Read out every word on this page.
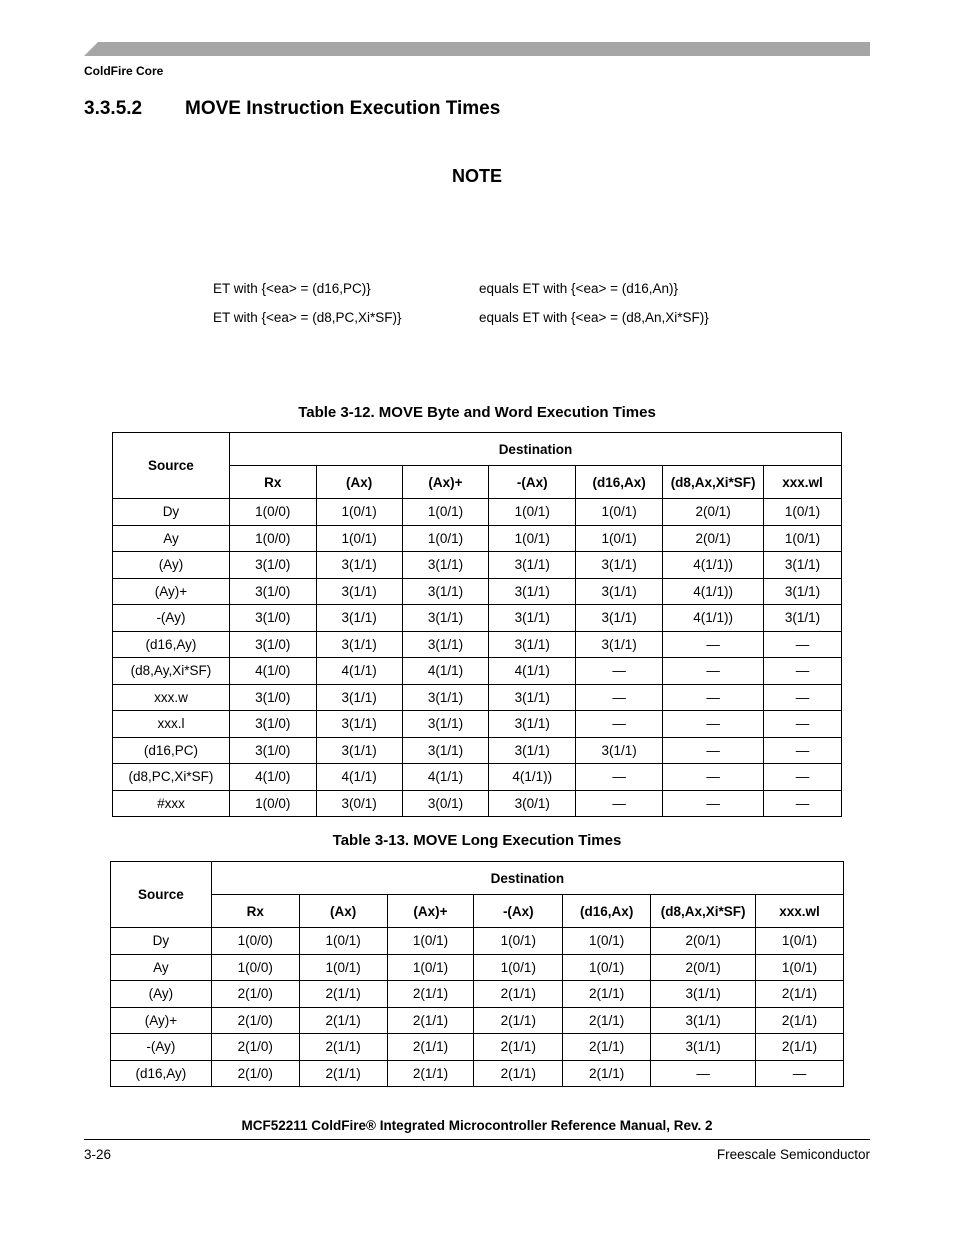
ColdFire Core
3.3.5.2 MOVE Instruction Execution Times
NOTE
ET with {<ea> = (d16,PC)}	equals ET with {<ea> = (d16,An)}
ET with {<ea> = (d8,PC,Xi*SF)}	equals ET with {<ea> = (d8,An,Xi*SF)}
Table 3-12. MOVE Byte and Word Execution Times
Source	Destination						
	Rx	(Ax)	(Ax)+	-(Ax)	(d16,Ax)	(d8,Ax,Xi*SF)	xxx.wl
Dy	1(0/0)	1(0/1)	1(0/1)	1(0/1)	1(0/1)	2(0/1)	1(0/1)
Ay	1(0/0)	1(0/1)	1(0/1)	1(0/1)	1(0/1)	2(0/1)	1(0/1)
(Ay)	3(1/0)	3(1/1)	3(1/1)	3(1/1)	3(1/1)	4(1/1))	3(1/1)
(Ay)+	3(1/0)	3(1/1)	3(1/1)	3(1/1)	3(1/1)	4(1/1))	3(1/1)
-(Ay)	3(1/0)	3(1/1)	3(1/1)	3(1/1)	3(1/1)	4(1/1))	3(1/1)
(d16,Ay)	3(1/0)	3(1/1)	3(1/1)	3(1/1)	3(1/1)	—	—
(d8,Ay,Xi*SF)	4(1/0)	4(1/1)	4(1/1)	4(1/1)	—	—	—
xxx.w	3(1/0)	3(1/1)	3(1/1)	3(1/1)	—	—	—
xxx.l	3(1/0)	3(1/1)	3(1/1)	3(1/1)	—	—	—
(d16,PC)	3(1/0)	3(1/1)	3(1/1)	3(1/1)	3(1/1)	—	—
(d8,PC,Xi*SF)	4(1/0)	4(1/1)	4(1/1)	4(1/1))	—	—	—
#xxx	1(0/0)	3(0/1)	3(0/1)	3(0/1)	—	—	—
Table 3-13. MOVE Long Execution Times
Source	Destination						
	Rx	(Ax)	(Ax)+	-(Ax)	(d16,Ax)	(d8,Ax,Xi*SF)	xxx.wl
Dy	1(0/0)	1(0/1)	1(0/1)	1(0/1)	1(0/1)	2(0/1)	1(0/1)
Ay	1(0/0)	1(0/1)	1(0/1)	1(0/1)	1(0/1)	2(0/1)	1(0/1)
(Ay)	2(1/0)	2(1/1)	2(1/1)	2(1/1)	2(1/1)	3(1/1)	2(1/1)
(Ay)+	2(1/0)	2(1/1)	2(1/1)	2(1/1)	2(1/1)	3(1/1)	2(1/1)
-(Ay)	2(1/0)	2(1/1)	2(1/1)	2(1/1)	2(1/1)	3(1/1)	2(1/1)
(d16,Ay)	2(1/0)	2(1/1)	2(1/1)	2(1/1)	2(1/1)	—	—
MCF52211 ColdFire® Integrated Microcontroller Reference Manual, Rev. 2
3-26	Freescale Semiconductor
